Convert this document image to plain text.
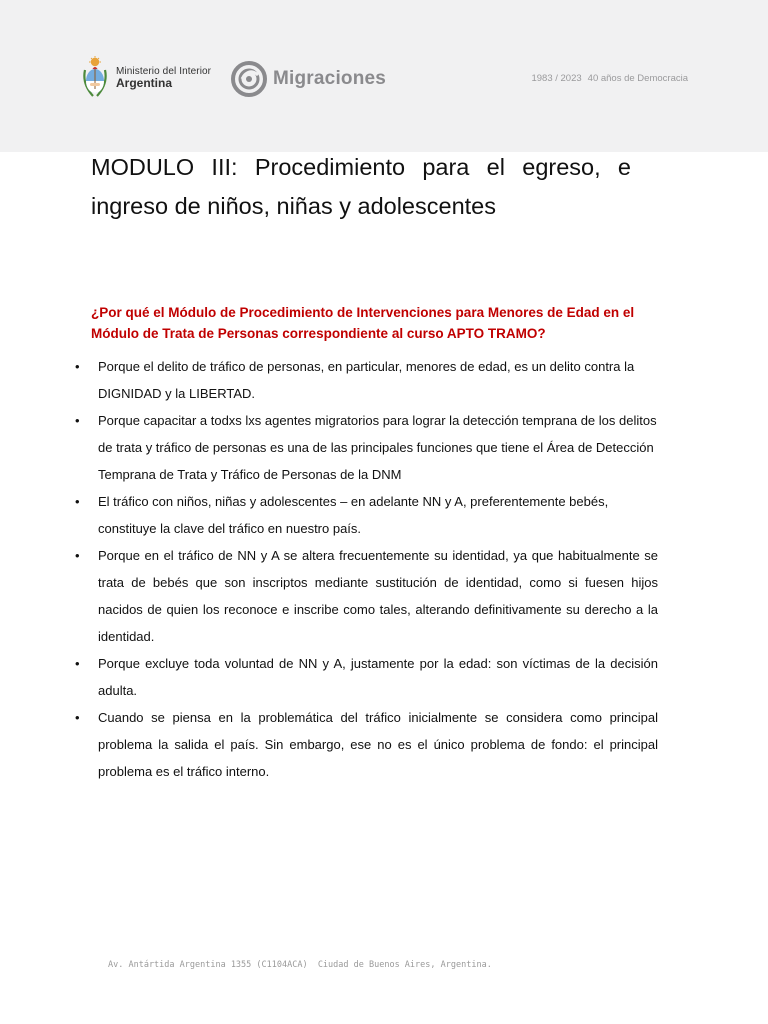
Ministerio del Interior
Argentina	Migraciones	1983 / 2023 40 años de Democracia
MODULO III: Procedimiento para el egreso, e ingreso de niños, niñas y adolescentes

¿Por qué el Módulo de Procedimiento de Intervenciones para Menores de Edad en el Módulo de Trata de Personas correspondiente al curso APTO TRAMO?

• Porque el delito de tráfico de personas, en particular, menores de edad, es un delito contra la DIGNIDAD y la LIBERTAD.
• Porque capacitar a todxs lxs agentes migratorios para lograr la detección temprana de los delitos de trata y tráfico de personas es una de las principales funciones que tiene el Área de Detección Temprana de Trata y Tráfico de Personas de la DNM
• El tráfico con niños, niñas y adolescentes – en adelante NN y A, preferentemente bebés, constituye la clave del tráfico en nuestro país.
• Porque en el tráfico de NN y A se altera frecuentemente su identidad, ya que habitualmente se trata de bebés que son inscriptos mediante sustitución de identidad, como si fuesen hijos nacidos de quien los reconoce e inscribe como tales, alterando definitivamente su derecho a la identidad.
• Porque excluye toda voluntad de NN y A, justamente por la edad: son víctimas de la decisión adulta.
• Cuando se piensa en la problemática del tráfico inicialmente se considera como principal problema la salida el país. Sin embargo, ese no es el único problema de fondo: el principal problema es el tráfico interno.
Av. Antártida Argentina 1355 (C1104ACA)  Ciudad de Buenos Aires, Argentina.
